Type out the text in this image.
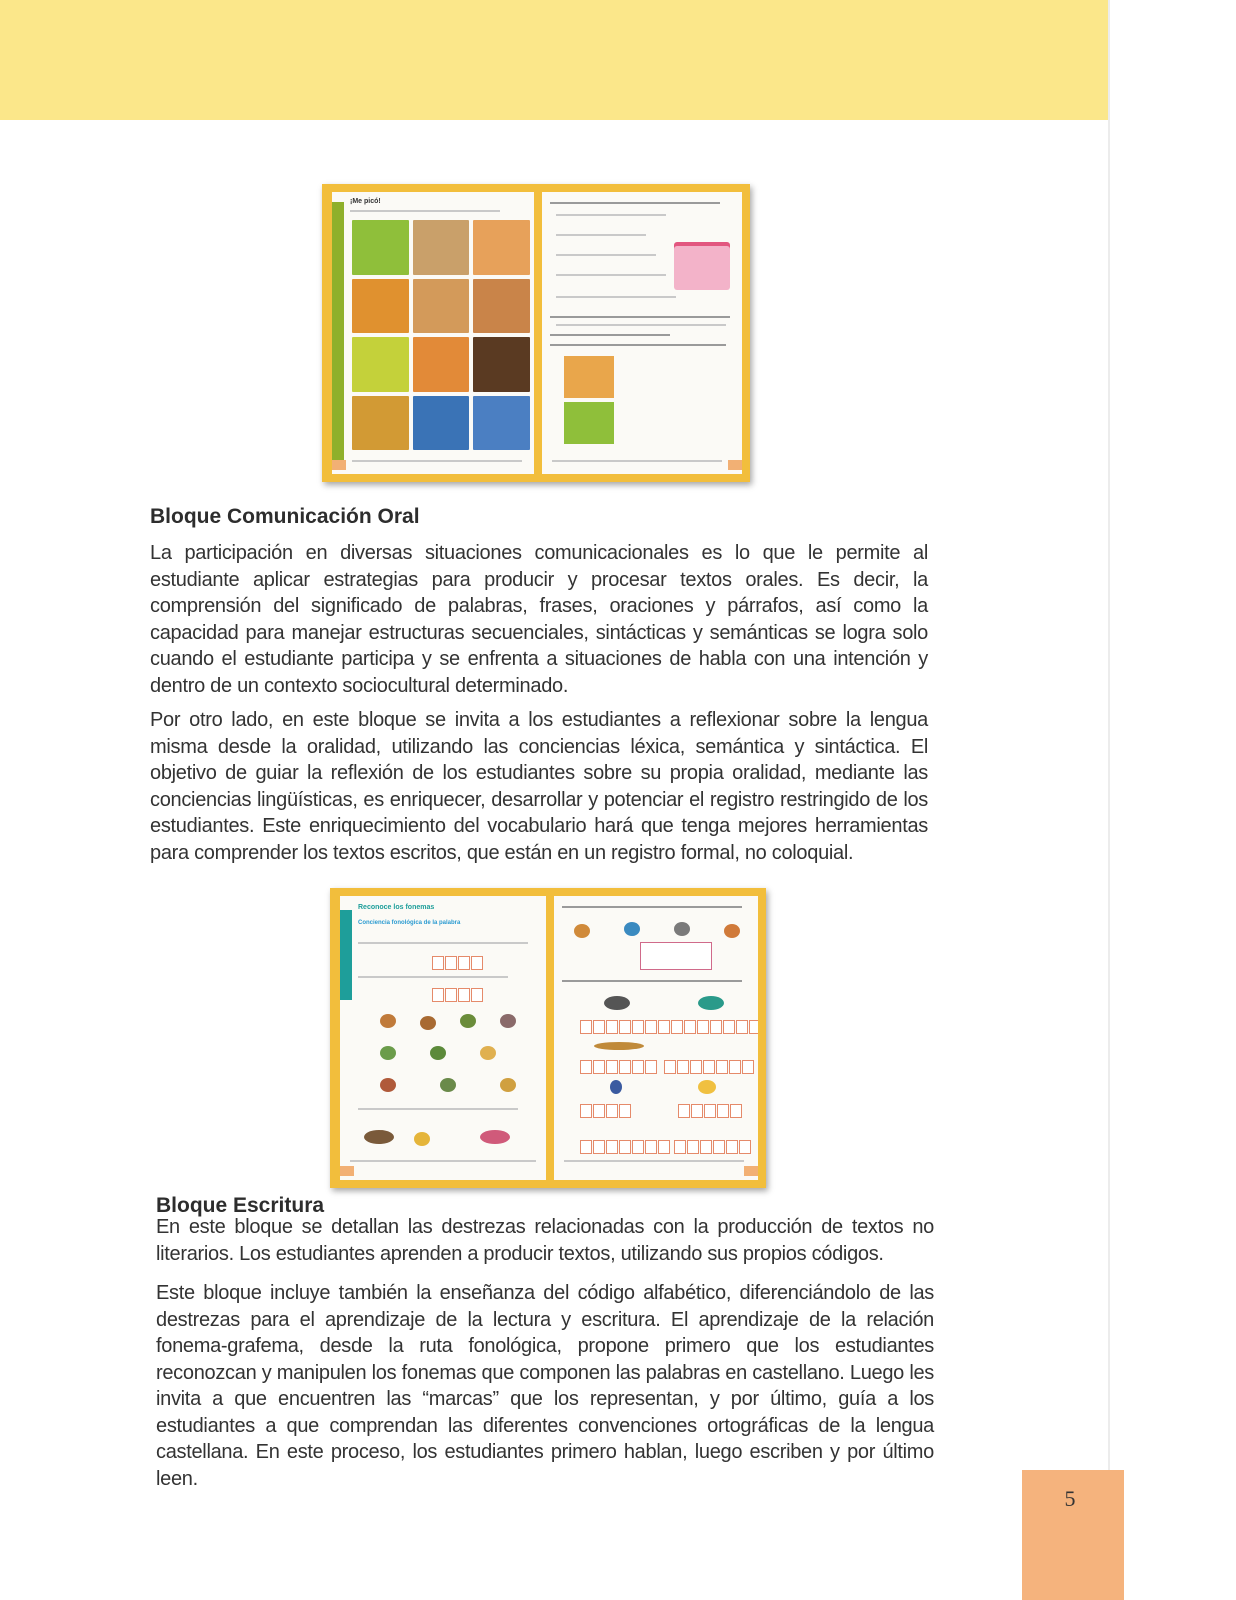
¡Me picó!
Bloque Comunicación Oral

La participación en diversas situaciones comunicacionales es lo que le permite al estudiante aplicar estrategias para producir y procesar textos orales. Es decir, la comprensión del significado de palabras, frases, oraciones y párrafos, así como la capacidad para manejar estructuras secuenciales, sintácticas y semánticas se logra solo cuando el estudiante participa y se enfrenta a situaciones de habla con una intención y dentro de un contexto sociocultural determinado.

Por otro lado, en este bloque se invita a los estudiantes a reflexionar sobre la lengua misma desde la oralidad, utilizando las conciencias léxica, semántica y sintáctica. El objetivo de guiar la reflexión de los estudiantes sobre su propia oralidad, mediante las conciencias lingüísticas, es enriquecer, desarrollar y potenciar el registro restringido de los estudiantes. Este enriquecimiento del vocabulario hará que tenga mejores herramientas para comprender los textos escritos, que están en un registro formal, no coloquial.

Reconoce los fonemas
Conciencia fonológica de la palabra
Bloque Escritura

En este bloque se detallan las destrezas relacionadas con la producción de textos no literarios. Los estudiantes aprenden a producir textos, utilizando sus propios códigos.

Este bloque incluye también la enseñanza del código alfabético, diferenciándolo de las destrezas para el aprendizaje de la lectura y escritura. El aprendizaje de la relación fonema-grafema, desde la ruta fonológica, propone primero que los estudiantes reconozcan y manipulen los fonemas que componen las palabras en castellano. Luego les invita a que encuentren las “marcas” que los representan, y por último, guía a los estudiantes a que comprendan las diferentes convenciones ortográficas de la lengua castellana. En este proceso, los estudiantes primero hablan, luego escriben y por último leen.

5
